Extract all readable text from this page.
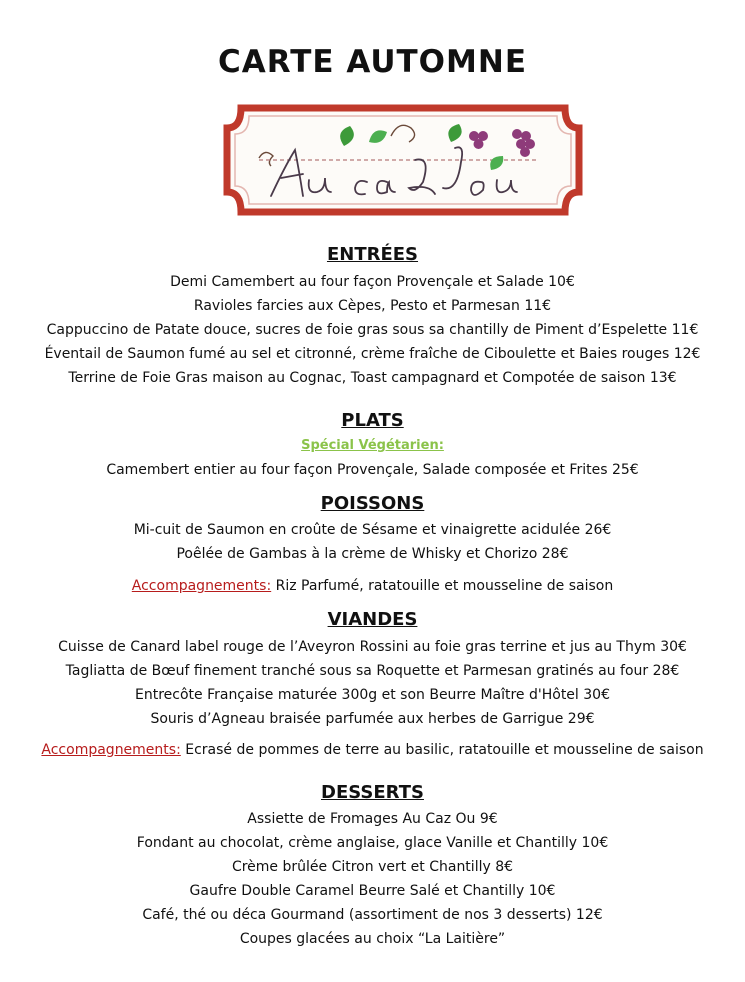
CARTE AUTOMNE
ENTRÉES
Demi Camembert au four façon Provençale et Salade 10€
Ravioles farcies aux Cèpes, Pesto et Parmesan 11€
Cappuccino de Patate douce, sucres de foie gras sous sa chantilly de Piment d’Espelette 11€
Éventail de Saumon fumé au sel et citronné, crème fraîche de Ciboulette et Baies rouges 12€
Terrine de Foie Gras maison au Cognac, Toast campagnard et Compotée de saison 13€
PLATS
Spécial Végétarien:
Camembert entier au four façon Provençale, Salade composée et Frites 25€
POISSONS
Mi-cuit de Saumon en croûte de Sésame et vinaigrette acidulée 26€
Poêlée de Gambas à la crème de Whisky et Chorizo 28€
Accompagnements: Riz Parfumé, ratatouille et mousseline de saison
VIANDES
Cuisse de Canard label rouge de l’Aveyron Rossini au foie gras terrine et jus au Thym 30€
Tagliatta de Bœuf finement tranché sous sa Roquette et Parmesan gratinés au four 28€
Entrecôte Française maturée 300g et son Beurre Maître d'Hôtel 30€
Souris d’Agneau braisée parfumée aux herbes de Garrigue 29€
Accompagnements: Ecrasé de pommes de terre au basilic, ratatouille et mousseline de saison
DESSERTS
Assiette de Fromages Au Caz Ou 9€
Fondant au chocolat, crème anglaise, glace Vanille et Chantilly 10€
Crème brûlée Citron vert et Chantilly 8€
Gaufre Double Caramel Beurre Salé et Chantilly 10€
Café, thé ou déca Gourmand (assortiment de nos 3 desserts) 12€
Coupes glacées au choix “La Laitière”
